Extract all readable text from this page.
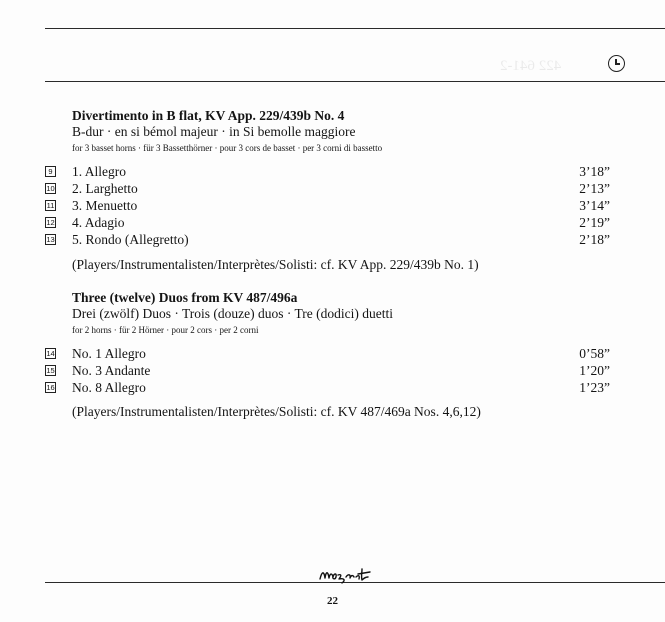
422 641-2
Divertimento in B flat, KV App. 229/439b No. 4
B-dur · en si bémol majeur · in Si bemolle maggiore
for 3 basset horns · für 3 Bassetthörner · pour 3 cors de basset · per 3 corni di bassetto
9 1. Allegro	3’18”
10 2. Larghetto	2’13”
11 3. Menuetto	3’14”
12 4. Adagio	2’19”
13 5. Rondo (Allegretto)	2’18”
(Players/Instrumentalisten/Interprètes/Solisti: cf. KV App. 229/439b No. 1)
Three (twelve) Duos from KV 487/496a
Drei (zwölf) Duos · Trois (douze) duos · Tre (dodici) duetti
for 2 horns · für 2 Hörner · pour 2 cors · per 2 corni
14 No. 1 Allegro	0’58”
15 No. 3 Andante	1’20”
16 No. 8 Allegro	1’23”
(Players/Instrumentalisten/Interprètes/Solisti: cf. KV 487/469a Nos. 4,6,12)
22
